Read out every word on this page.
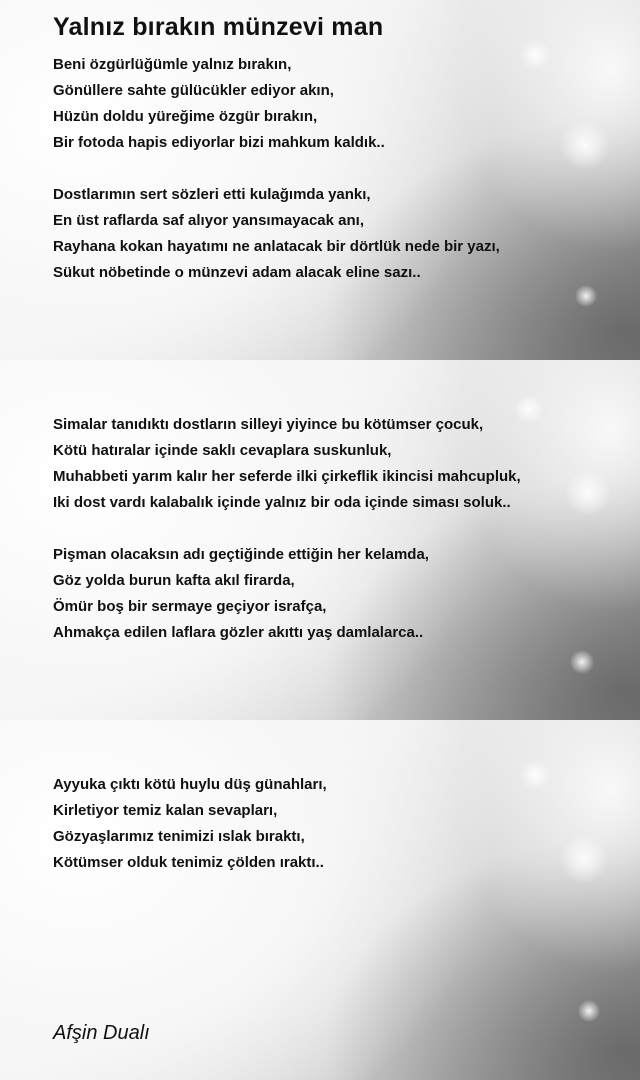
Yalnız bırakın münzevi man
Beni özgürlüğümle yalnız bırakın,
Gönüllere sahte gülücükler ediyor akın,
Hüzün doldu yüreğime özgür bırakın,
Bir fotoda hapis ediyorlar bizi mahkum kaldık..
Dostlarımın sert sözleri etti kulağımda yankı,
En üst raflarda saf alıyor yansımayacak anı,
Rayhana kokan hayatımı ne anlatacak bir dörtlük nede bir yazı,
Sükut nöbetinde o münzevi adam alacak eline sazı..
Simalar tanıdıktı dostların silleyi yiyince bu kötümser çocuk,
Kötü hatıralar içinde saklı cevaplara suskunluk,
Muhabbeti yarım kalır her seferde ilki çirkeflik ikincisi mahcupluk,
Iki dost vardı kalabalık içinde yalnız bir oda içinde siması soluk..
Pişman olacaksın adı geçtiğinde ettiğin her kelamda,
Göz yolda burun kafta akıl firarda,
Ömür boş bir sermaye geçiyor israfça,
Ahmakça edilen laflara gözler akıttı yaş damlalarca..
Ayyuka çıktı kötü huylu düş günahları,
Kirletiyor temiz kalan sevapları,
Gözyaşlarımız tenimizi ıslak bıraktı,
Kötümser olduk tenimiz çölden ıraktı..
Afşin Dualı
